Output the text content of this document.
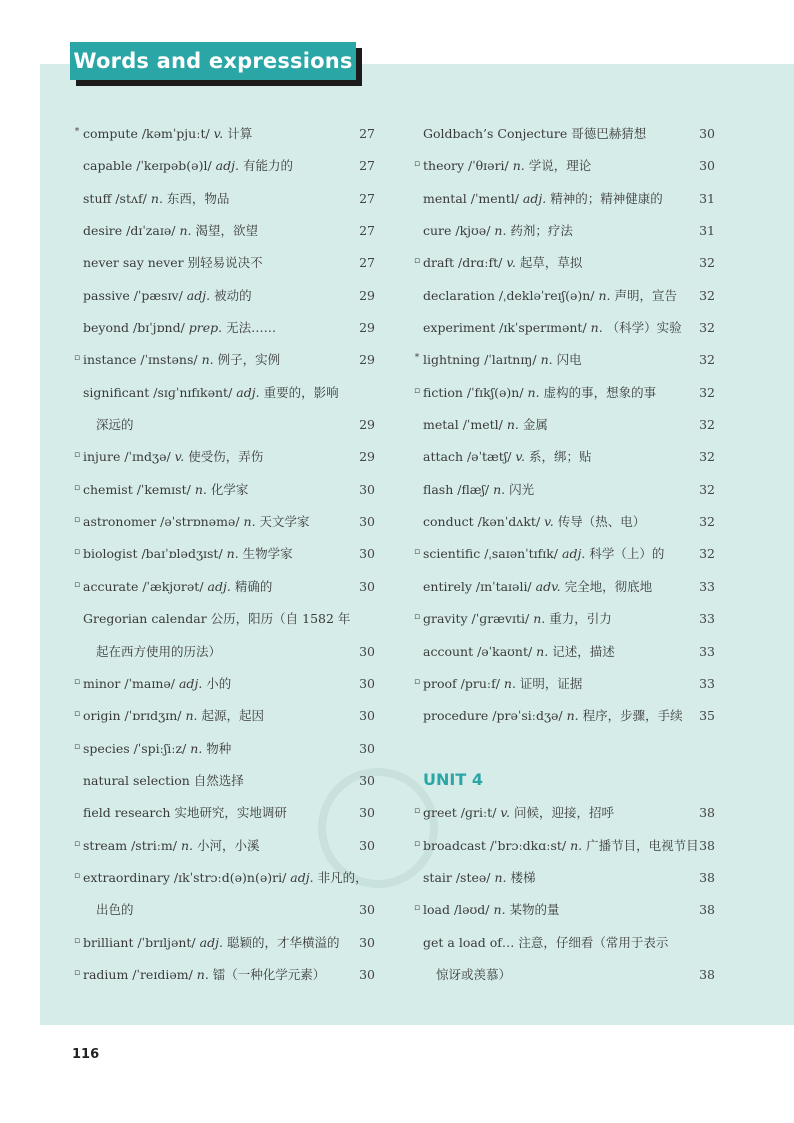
Words and expressions
* compute /kəmˈpjuːt/ v. 计算	27
capable /ˈkeɪpəb(ə)l/ adj. 有能力的	27
stuff /stʌf/ n. 东西，物品	27
desire /dɪˈzaɪə/ n. 渴望，欲望	27
never say never 别轻易说决不	27
passive /ˈpæsɪv/ adj. 被动的	29
beyond /bɪˈjɒnd/ prep. 无法……	29
▫ instance /ˈɪnstəns/ n. 例子，实例	29
significant /sɪɡˈnɪfɪkənt/ adj. 重要的，影响
深远的	29
▫ injure /ˈɪndʒə/ v. 使受伤，弄伤	29
▫ chemist /ˈkemɪst/ n. 化学家	30
▫ astronomer /əˈstrɒnəmə/ n. 天文学家	30
▫ biologist /baɪˈɒlədʒɪst/ n. 生物学家	30
▫ accurate /ˈækjʊrət/ adj. 精确的	30
Gregorian calendar 公历，阳历（自 1582 年
起在西方使用的历法）	30
▫ minor /ˈmaɪnə/ adj. 小的	30
▫ origin /ˈɒrɪdʒɪn/ n. 起源，起因	30
▫ species /ˈspiːʃiːz/ n. 物种	30
natural selection 自然选择	30
field research 实地研究，实地调研	30
▫ stream /striːm/ n. 小河，小溪	30
▫ extraordinary /ɪkˈstrɔːd(ə)n(ə)ri/ adj. 非凡的，
出色的	30
▫ brilliant /ˈbrɪljənt/ adj. 聪颖的，才华横溢的	30
▫ radium /ˈreɪdiəm/ n. 镭（一种化学元素）	30
Goldbach’s Conjecture 哥德巴赫猜想	30
▫ theory /ˈθɪəri/ n. 学说，理论	30
mental /ˈmentl/ adj. 精神的；精神健康的	31
cure /kjʊə/ n. 药剂；疗法	31
▫ draft /drɑːft/ v. 起草，草拟	32
declaration /ˌdekləˈreɪʃ(ə)n/ n. 声明，宣告	32
experiment /ɪkˈsperɪmənt/ n. （科学）实验	32
* lightning /ˈlaɪtnɪŋ/ n. 闪电	32
▫ fiction /ˈfɪkʃ(ə)n/ n. 虚构的事，想象的事	32
metal /ˈmetl/ n. 金属	32
attach /əˈtætʃ/ v. 系，绑；贴	32
flash /flæʃ/ n. 闪光	32
conduct /kənˈdʌkt/ v. 传导（热、电）	32
▫ scientific /ˌsaɪənˈtɪfɪk/ adj. 科学（上）的	32
entirely /ɪnˈtaɪəli/ adv. 完全地，彻底地	33
▫ gravity /ˈɡrævɪti/ n. 重力，引力	33
account /əˈkaʊnt/ n. 记述，描述	33
▫ proof /pruːf/ n. 证明，证据	33
procedure /prəˈsiːdʒə/ n. 程序，步骤，手续	35
UNIT 4
▫ greet /ɡriːt/ v. 问候，迎接，招呼	38
▫ broadcast /ˈbrɔːdkɑːst/ n. 广播节目，电视节目 38
stair /steə/ n. 楼梯	38
▫ load /ləʊd/ n. 某物的量	38
get a load of… 注意，仔细看（常用于表示
惊讶或羡慕）	38
116
